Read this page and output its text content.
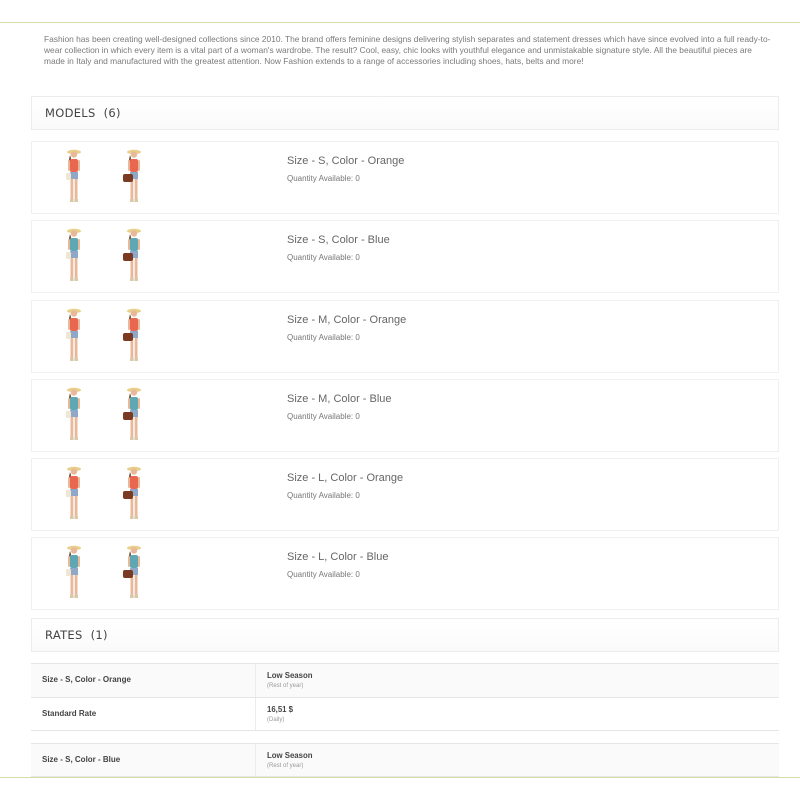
Fashion has been creating well-designed collections since 2010. The brand offers feminine designs delivering stylish separates and statement dresses which have since evolved into a full ready-to-wear collection in which every item is a vital part of a woman's wardrobe. The result? Cool, easy, chic looks with youthful elegance and unmistakable signature style. All the beautiful pieces are made in Italy and manufactured with the greatest attention. Now Fashion extends to a range of accessories including shoes, hats, belts and more!

MODELS (6)
Size - S, Color - Orange
Quantity Available: 0
Size - S, Color - Blue
Quantity Available: 0
Size - M, Color - Orange
Quantity Available: 0
Size - M, Color - Blue
Quantity Available: 0
Size - L, Color - Orange
Quantity Available: 0
Size - L, Color - Blue
Quantity Available: 0
RATES (1)
Size - S, Color - Orange	Low Season
(Rest of year)
Standard Rate	16,51 $
(Daily)
Size - S, Color - Blue	Low Season
(Rest of year)
